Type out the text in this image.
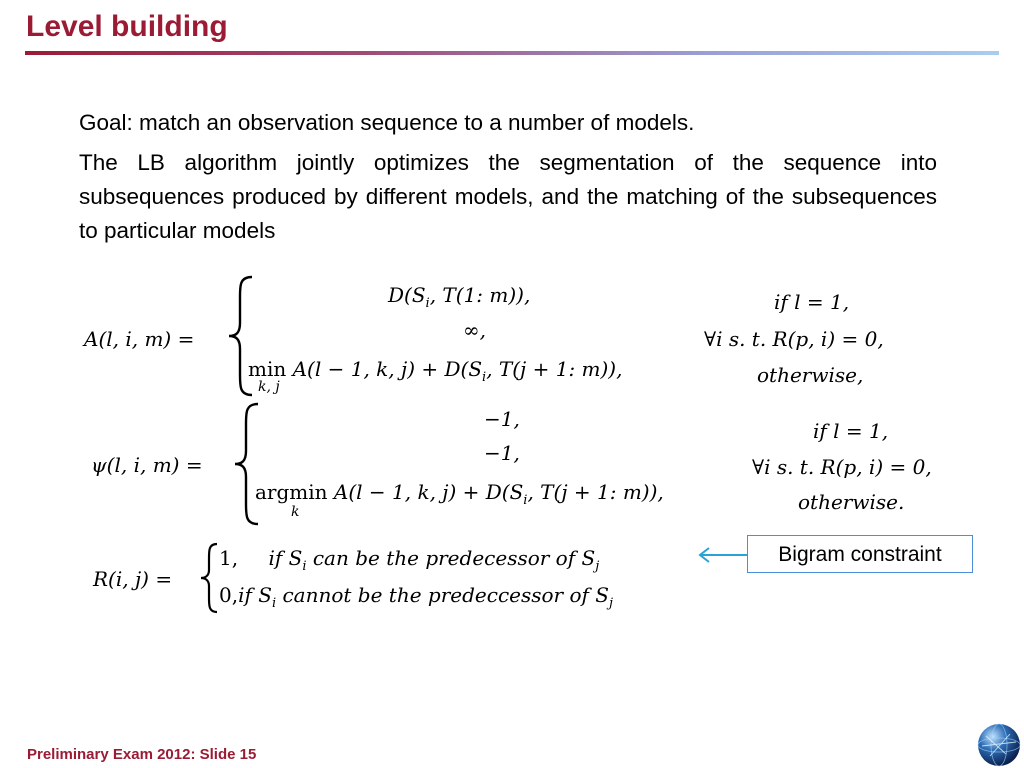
Level building
Goal: match an observation sequence to a number of models.
The LB algorithm jointly optimizes the segmentation of the sequence into subsequences produced by different models, and the matching of the subsequences to particular models
A(l, i, m) =
$D(S_i$, T(1: m)),
∞,
min
k, j
A(l − 1, k, $j) + D(S_i$, T(j + 1: m)),
if l = 1,
∀i s. t. R(p, i) = 0,
otherwise,
ψ(l, i, m) =
−1,
−1,
argmin
k
A(l − 1, k, $j) + D(S_i$, T(j + 1: m)),
if l = 1,
∀i s. t. R(p, i) = 0,
otherwise.
R(i, j) =
1, if $S_i$ can be the predecessor of $S_j$
0,if $S_i$ cannot be the predeccessor of $S_j$
Bigram constraint
Preliminary Exam 2012: Slide 15
